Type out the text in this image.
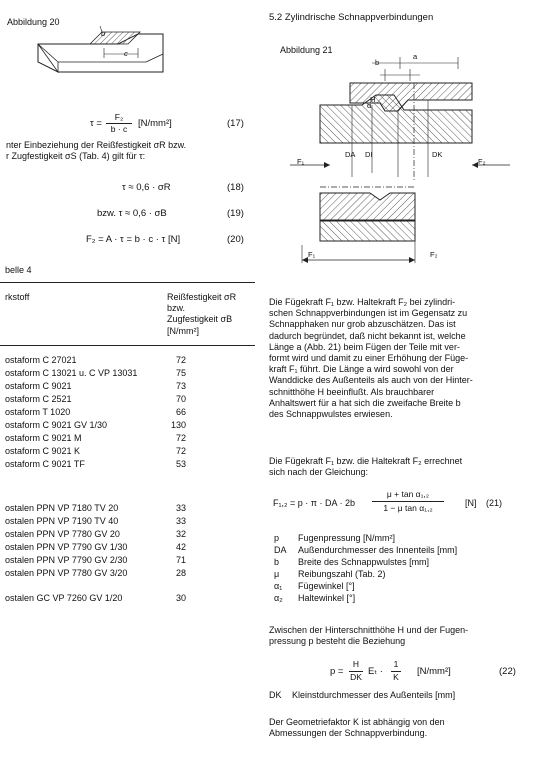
Abbildung 20
b
c
τ =
F₂
b · c	[N/mm²]	(17)
nter Einbeziehung der Reißfestigkeit σR bzw.
r Zugfestigkeit σS (Tab. 4) gilt für τ:
τ ≈ 0,6 · σR	(18)
bzw. τ ≈ 0,6 · σB	(19)
F₂ = A · τ = b · c · τ [N]	(20)
belle 4
rkstoff	Reißfestigkeit σR
bzw.
Zugfestigkeit σB
[N/mm²]
ostaform C 27021	72
ostaform C 13021 u. C VP 13031	75
ostaform C 9021	73
ostaform C 2521	70
ostaform T 1020	66
ostaform C 9021 GV 1/30	130
ostaform C 9021 M	72
ostaform C 9021 K	72
ostaform C 9021 TF	53
ostalen PPN VP 7180 TV 20	33
ostalen PPN VP 7190 TV 40	33
ostalen PPN VP 7780 GV 20	32
ostalen PPN VP 7790 GV 1/30	42
ostalen PPN VP 7790 GV 2/30	71
ostalen PPN VP 7780 GV 3/20	28
ostalen GC VP 7260 GV 1/20	30
5.2 Zylindrische Schnappverbindungen
Abbildung 21
b
a
H
α
DA DI	DK
F₁	F₂
F₁	F₂
Die Fügekraft F₁ bzw. Haltekraft F₂ bei zylindri-
schen Schnappverbindungen ist im Gegensatz zu
Schnapphaken nur grob abzuschätzen. Das ist
dadurch begründet, daß nicht bekannt ist, welche
Länge a (Abb. 21) beim Fügen der Teile mit ver-
formt wird und damit zu einer Erhöhung der Füge-
kraft F₁ führt. Die Länge a wird sowohl von der
Wanddicke des Außenteils als auch von der Hinter-
schnitthöhe H beeinflußt. Als brauchbarer
Anhaltswert für a hat sich die zweifache Breite b
des Schnappwulstes erwiesen.
Die Fügekraft F₁ bzw. die Haltekraft F₂ errechnet
sich nach der Gleichung:
F₁,₂ = p · π · DA · 2b
μ + tan α₁,₂
1 − μ tan α₁,₂	[N] (21)
p Fugenpressung [N/mm²]
DA Außendurchmesser des Innenteils [mm]
b Breite des Schnappwulstes [mm]
μ Reibungszahl (Tab. 2)
α₁ Fügewinkel [°]
α₂ Haltewinkel [°]
Zwischen der Hinterschnitthöhe H und der Fugen-
pressung p besteht die Beziehung
p =
H
DK Eₜ ·
1
K [N/mm²]	(22)
DK Kleinstdurchmesser des Außenteils [mm]
Der Geometriefaktor K ist abhängig von den
Abmessungen der Schnappverbindung.
